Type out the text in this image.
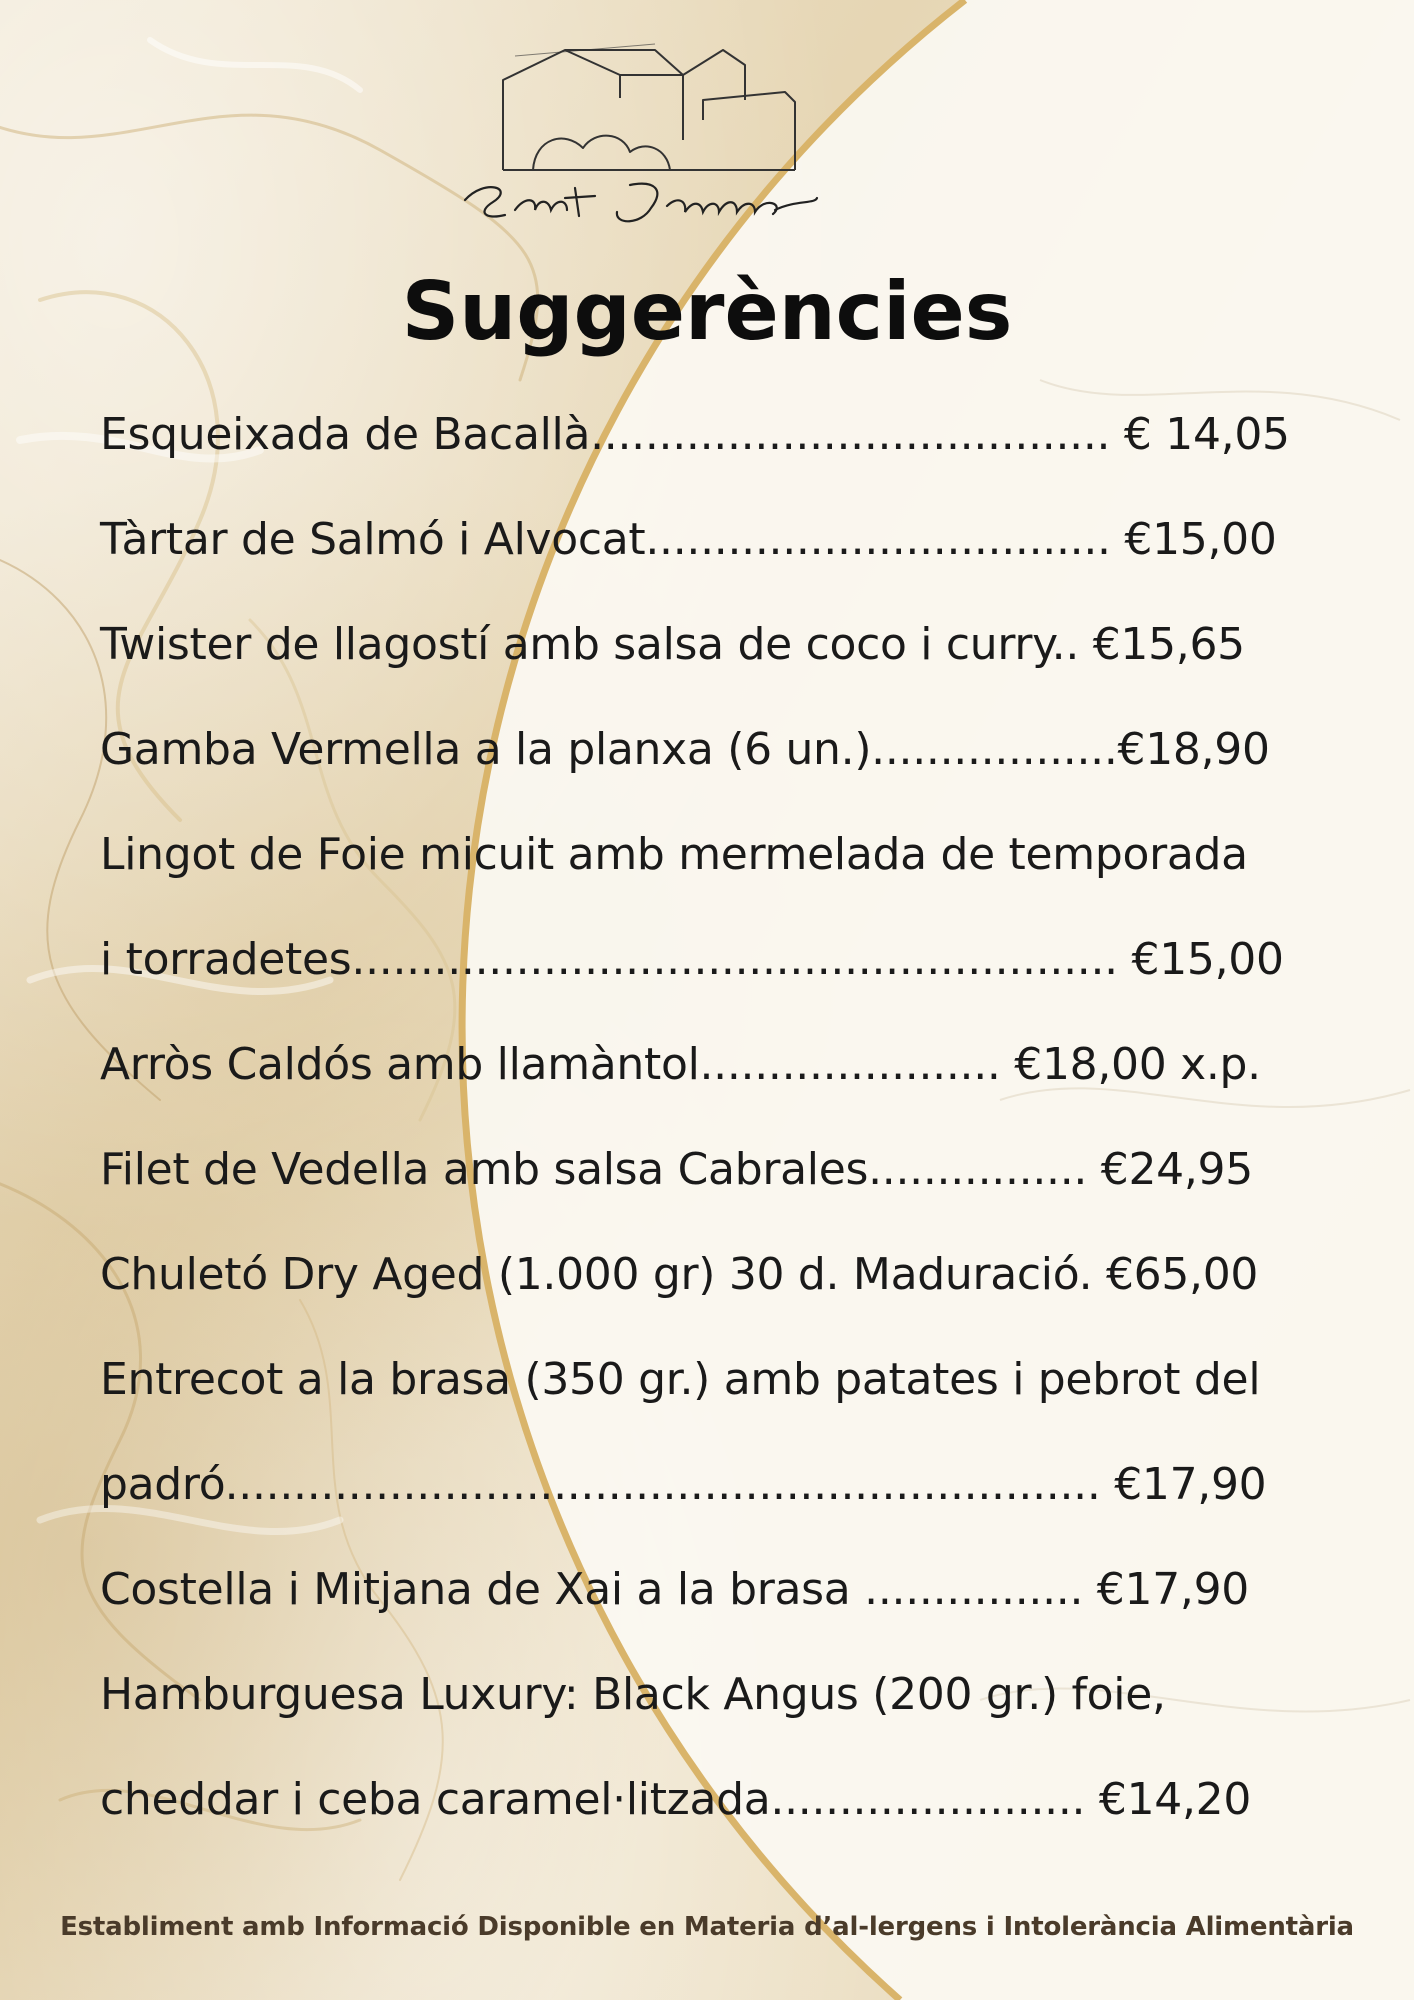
Suggerències
Esqueixada de Bacallà...................................... € 14,05
Tàrtar de Salmó i Alvocat.................................. €15,00
Twister de llagostí amb salsa de coco i curry.. €15,65
Gamba Vermella a la planxa (6 un.)..................€18,90
Lingot de Foie micuit amb mermelada de temporada
i torradetes........................................................ €15,00
Arròs Caldós amb llamàntol...................... €18,00 x.p.
Filet de Vedella amb salsa Cabrales................ €24,95
Chuletó Dry Aged (1.000 gr) 30 d. Maduració. €65,00
Entrecot a la brasa (350 gr.) amb patates i pebrot del
padró................................................................ €17,90
Costella i Mitjana de Xai a la brasa ................ €17,90
Hamburguesa Luxury: Black Angus (200 gr.) foie,
cheddar i ceba caramel·litzada....................... €14,20
Establiment amb Informació Disponible en Materia d’al-lergens i Intolerància Alimentària
